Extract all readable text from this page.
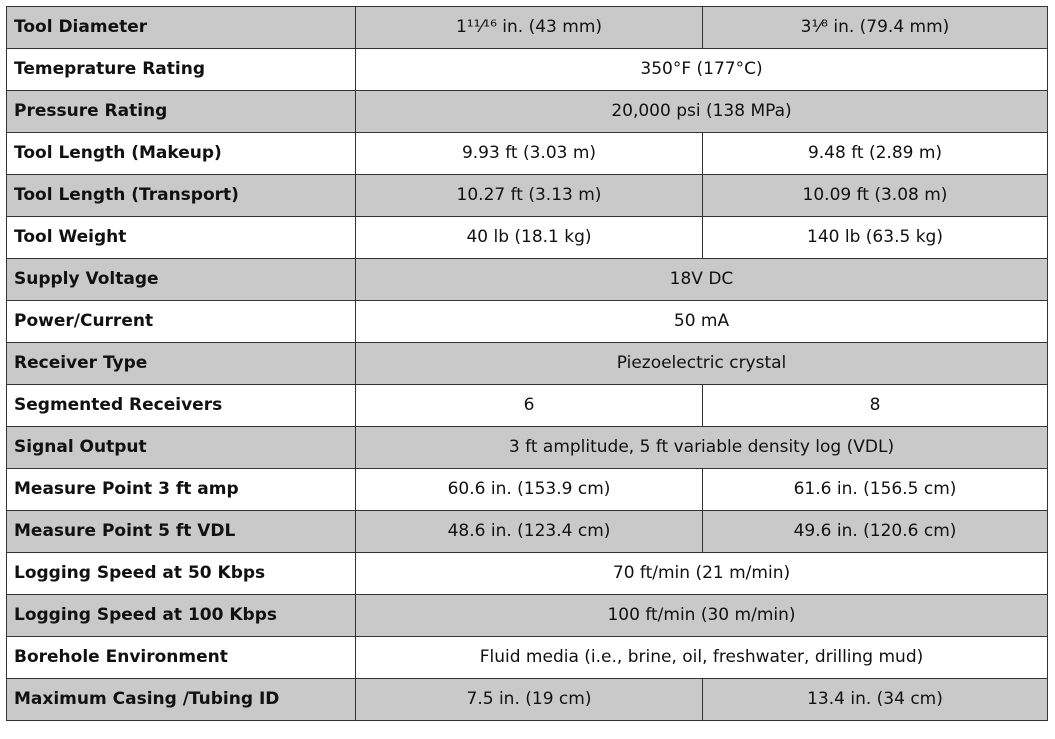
Tool Diameter	1¹¹⁄¹⁶ in. (43 mm)	3¹⁄⁸ in. (79.4 mm)
Temeprature Rating	350°F (177°C)	
Pressure Rating	20,000 psi (138 MPa)	
Tool Length (Makeup)	9.93 ft (3.03 m)	9.48 ft (2.89 m)
Tool Length (Transport)	10.27 ft (3.13 m)	10.09 ft (3.08 m)
Tool Weight	40 lb (18.1 kg)	140 lb (63.5 kg)
Supply Voltage	18V DC	
Power/Current	50 mA	
Receiver Type	Piezoelectric crystal	
Segmented Receivers	6	8
Signal Output	3 ft amplitude, 5 ft variable density log (VDL)	
Measure Point 3 ft amp	60.6 in. (153.9 cm)	61.6 in. (156.5 cm)
Measure Point 5 ft VDL	48.6 in. (123.4 cm)	49.6 in. (120.6 cm)
Logging Speed at 50 Kbps	70 ft/min (21 m/min)	
Logging Speed at 100 Kbps	100 ft/min (30 m/min)	
Borehole Environment	Fluid media (i.e., brine, oil, freshwater, drilling mud)	
Maximum Casing /Tubing ID	7.5 in. (19 cm)	13.4 in. (34 cm)
